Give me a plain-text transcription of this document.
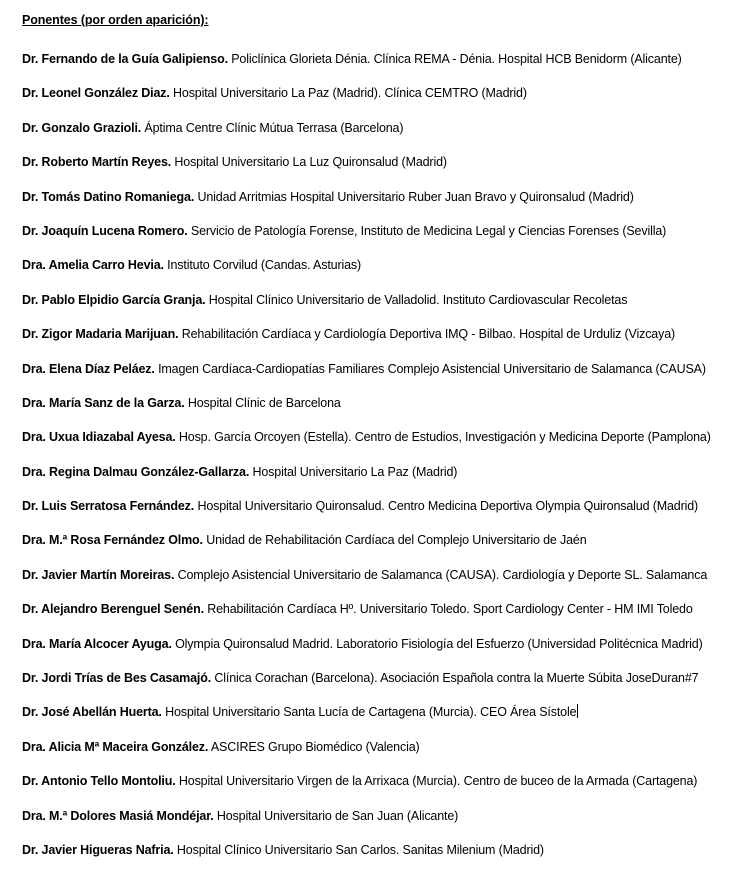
Ponentes (por orden aparición):
Dr. Fernando de la Guía Galipienso. Policlínica Glorieta Dénia. Clínica REMA - Dénia. Hospital HCB Benidorm (Alicante)
Dr. Leonel González Diaz. Hospital Universitario La Paz (Madrid). Clínica CEMTRO (Madrid)
Dr. Gonzalo Grazioli. Áptima Centre Clínic Mútua Terrasa (Barcelona)
Dr. Roberto Martín Reyes. Hospital Universitario La Luz Quironsalud (Madrid)
Dr. Tomás Datino Romaniega. Unidad Arritmias Hospital Universitario Ruber Juan Bravo y Quironsalud (Madrid)
Dr. Joaquín Lucena Romero. Servicio de Patología Forense, Instituto de Medicina Legal y Ciencias Forenses (Sevilla)
Dra. Amelia Carro Hevia. Instituto Corvilud (Candas. Asturias)
Dr. Pablo Elpidio García Granja. Hospital Clínico Universitario de Valladolid. Instituto Cardiovascular Recoletas
Dr. Zigor Madaria Marijuan. Rehabilitación Cardíaca y Cardiología Deportiva IMQ - Bilbao. Hospital de Urduliz (Vizcaya)
Dra. Elena Díaz Peláez. Imagen Cardíaca-Cardiopatías Familiares Complejo Asistencial Universitario de Salamanca (CAUSA)
Dra. María Sanz de la Garza. Hospital Clínic de Barcelona
Dra. Uxua Idiazabal Ayesa. Hosp. García Orcoyen (Estella). Centro de Estudios, Investigación y Medicina Deporte (Pamplona)
Dra. Regina Dalmau González-Gallarza. Hospital Universitario La Paz (Madrid)
Dr. Luis Serratosa Fernández. Hospital Universitario Quironsalud. Centro Medicina Deportiva Olympia Quironsalud (Madrid)
Dra. M.ª Rosa Fernández Olmo. Unidad de Rehabilitación Cardíaca del Complejo Universitario de Jaén
Dr. Javier Martín Moreiras. Complejo Asistencial Universitario de Salamanca (CAUSA). Cardiología y Deporte SL. Salamanca
Dr. Alejandro Berenguel Senén. Rehabilitación Cardíaca Hº. Universitario Toledo. Sport Cardiology Center - HM IMI Toledo
Dra. María Alcocer Ayuga. Olympia Quironsalud Madrid. Laboratorio Fisiología del Esfuerzo (Universidad Politécnica Madrid)
Dr. Jordi Trías de Bes Casamajó. Clínica Corachan (Barcelona). Asociación Española contra la Muerte Súbita JoseDuran#7
Dr. José Abellán Huerta. Hospital Universitario Santa Lucía de Cartagena (Murcia). CEO Área Sístole
Dra. Alicia Mª Maceira González. ASCIRES Grupo Biomédico (Valencia)
Dr. Antonio Tello Montoliu. Hospital Universitario Virgen de la Arrixaca (Murcia). Centro de buceo de la Armada (Cartagena)
Dra. M.ª Dolores Masiá Mondéjar. Hospital Universitario de San Juan (Alicante)
Dr. Javier Higueras Nafria. Hospital Clínico Universitario San Carlos. Sanitas Milenium (Madrid)
